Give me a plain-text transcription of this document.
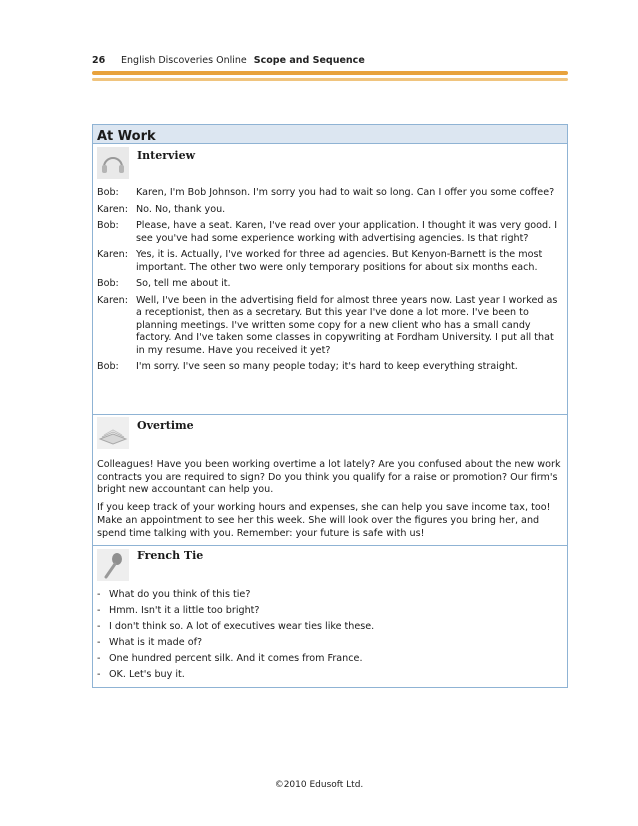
26 English Discoveries Online Scope and Sequence
At Work
Interview
Bob:	Karen, I'm Bob Johnson. I'm sorry you had to wait so long. Can I offer you some coffee?
Karen: No. No, thank you.
Bob:	Please, have a seat. Karen, I've read over your application. I thought it was very good. I see you've had some experience working with advertising agencies. Is that right?
Karen: Yes, it is. Actually, I've worked for three ad agencies. But Kenyon-Barnett is the most important. The other two were only temporary positions for about six months each.
Bob:	So, tell me about it.
Karen: Well, I've been in the advertising field for almost three years now. Last year I worked as a receptionist, then as a secretary. But this year I've done a lot more. I've been to planning meetings. I've written some copy for a new client who has a small candy factory. And I've taken some classes in copywriting at Fordham University. I put all that in my resume. Have you received it yet?
Bob:	I'm sorry. I've seen so many people today; it's hard to keep everything straight.
Overtime

Colleagues! Have you been working overtime a lot lately? Are you confused about the new work contracts you are required to sign? Do you think you qualify for a raise or promotion? Our firm's bright new accountant can help you.

If you keep track of your working hours and expenses, she can help you save income tax, too! Make an appointment to see her this week. She will look over the figures you bring her, and spend time talking with you. Remember: your future is safe with us!

French Tie
- What do you think of this tie?
- Hmm. Isn't it a little too bright?
- I don't think so. A lot of executives wear ties like these.
- What is it made of?
- One hundred percent silk. And it comes from France.
- OK. Let's buy it.
©2010 Edusoft Ltd.
